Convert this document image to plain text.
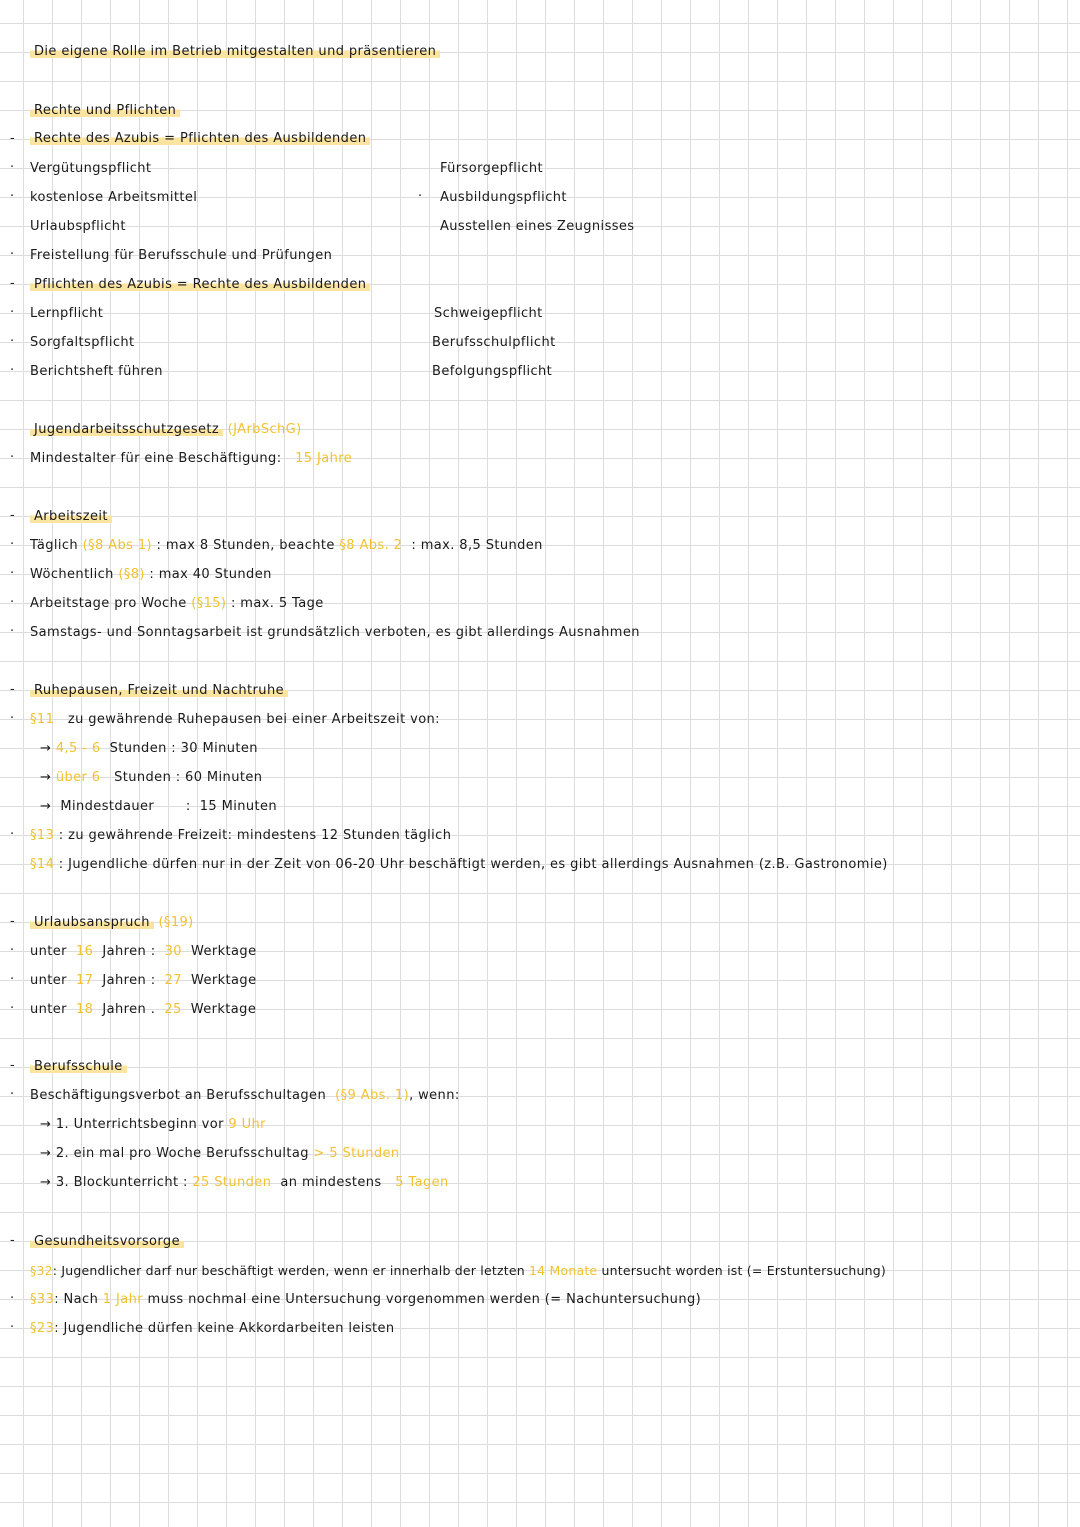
Die eigene Rolle im Betrieb mitgestalten und präsentieren
Rechte und Pflichten
-	Rechte des Azubis = Pflichten des Ausbildenden
· Vergütungspflicht	Fürsorgepflicht
· kostenlose Arbeitsmittel	· Ausbildungspflicht
Urlaubspflicht	Ausstellen eines Zeugnisses
· Freistellung für Berufsschule und Prüfungen
-	Pflichten des Azubis = Rechte des Ausbildenden
· Lernpflicht	Schweigepflicht
· Sorgfaltspflicht	Berufsschulpflicht
· Berichtsheft führen	Befolgungspflicht
Jugendarbeitsschutzgesetz (JArbSchG)
· Mindestalter für eine Beschäftigung: 15 Jahre
-	Arbeitszeit
· Täglich (§8 Abs 1) : max 8 Stunden, beachte §8 Abs. 2 : max. 8,5 Stunden
· Wöchentlich (§8) : max 40 Stunden
· Arbeitstage pro Woche (§15) : max. 5 Tage
· Samstags- und Sonntagsarbeit ist grundsätzlich verboten, es gibt allerdings Ausnahmen
-	Ruhepausen, Freizeit und Nachtruhe
· §11 zu gewährende Ruhepausen bei einer Arbeitszeit von:
→ 4,5 - 6 Stunden : 30 Minuten
→ über 6 Stunden : 60 Minuten
→ Mindestdauer       :  15 Minuten
· §13 : zu gewährende Freizeit: mindestens 12 Stunden täglich
§14 : Jugendliche dürfen nur in der Zeit von 06-20 Uhr beschäftigt werden, es gibt allerdings Ausnahmen (z.B. Gastronomie)
-	Urlaubsanspruch (§19)
· unter 16 Jahren : 30 Werktage
· unter 17 Jahren : 27 Werktage
· unter 18 Jahren . 25 Werktage
-	Berufsschule
· Beschäftigungsverbot an Berufsschultagen (§9 Abs. 1), wenn:
→ 1. Unterrichtsbeginn vor 9 Uhr
→ 2. ein mal pro Woche Berufsschultag > 5 Stunden
→ 3. Blockunterricht : 25 Stunden an mindestens 5 Tagen
-	Gesundheitsvorsorge
§32: Jugendlicher darf nur beschäftigt werden, wenn er innerhalb der letzten 14 Monate untersucht worden ist (= Erstuntersuchung)
· §33: Nach 1 Jahr muss nochmal eine Untersuchung vorgenommen werden (= Nachuntersuchung)
· §23: Jugendliche dürfen keine Akkordarbeiten leisten
